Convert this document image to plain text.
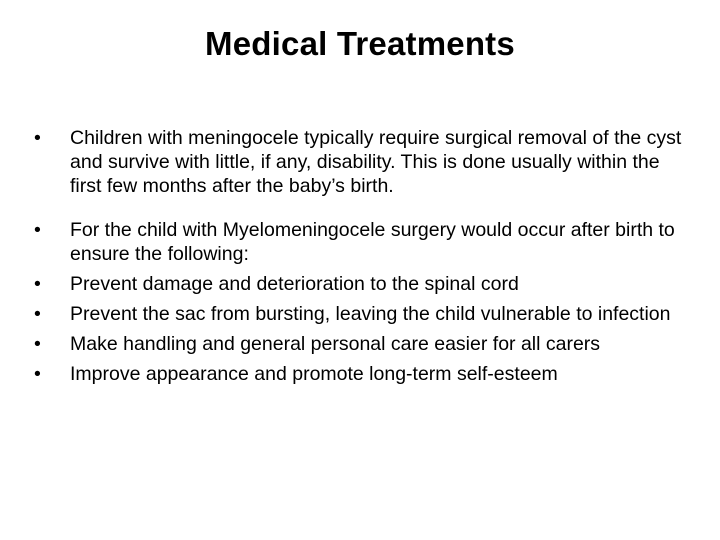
Medical Treatments
•	Children with meningocele typically require surgical removal of the cyst and survive with little, if any, disability. This is done usually within the first few months after the baby’s birth.
•	For the child with Myelomeningocele surgery would occur after birth to ensure the following:
•	Prevent damage and deterioration to the spinal cord
•	Prevent the sac from bursting, leaving the child vulnerable to infection
•	Make handling and general personal care easier for all carers
•	Improve appearance and promote long-term self-esteem
